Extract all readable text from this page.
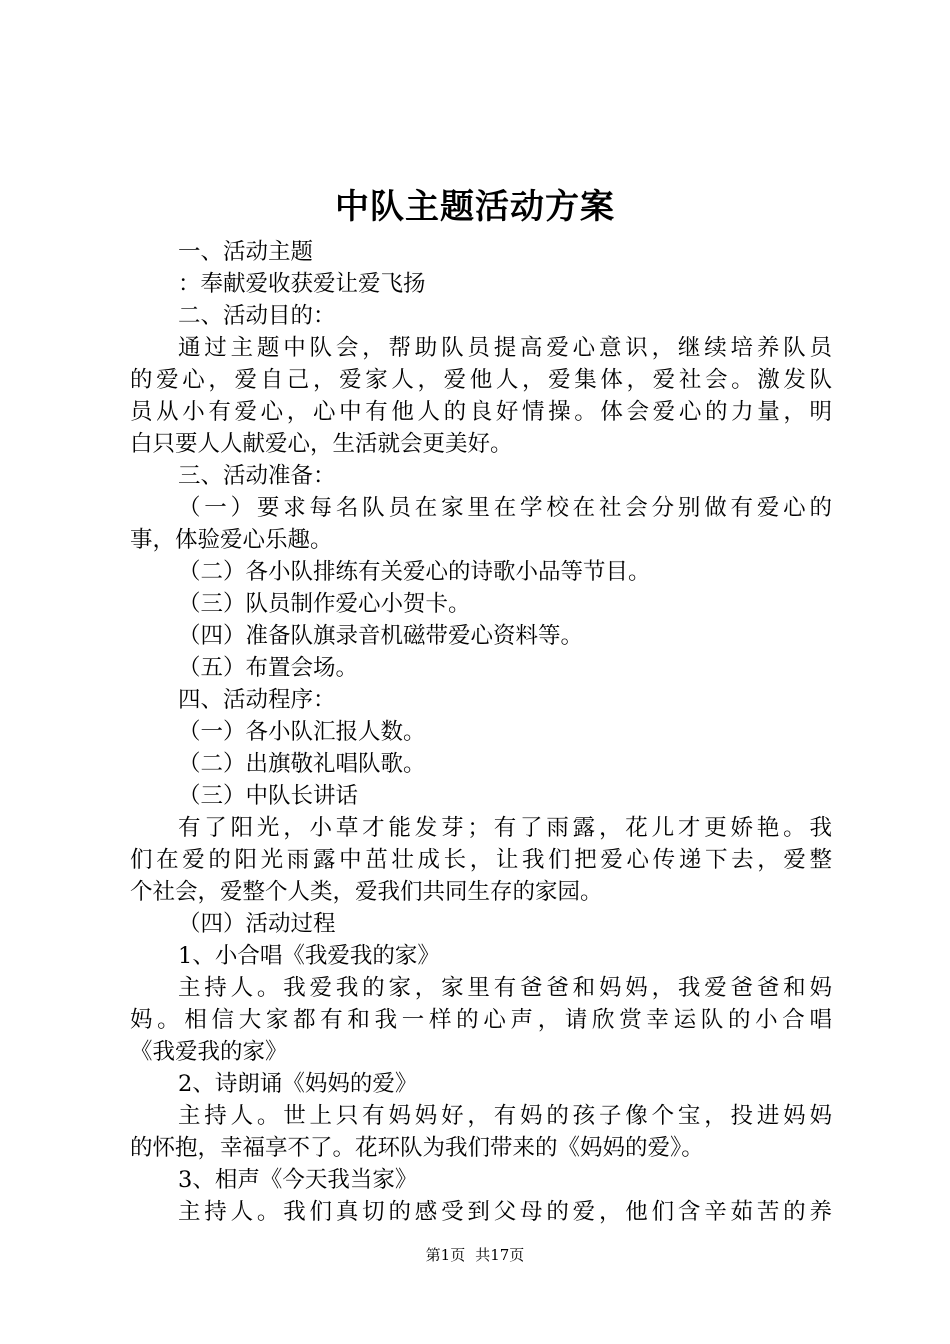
中队主题活动方案
一、活动主题
：奉献爱收获爱让爱飞扬
二、活动目的：
通过主题中队会，帮助队员提高爱心意识，继续培养队员
的爱心，爱自己，爱家人，爱他人，爱集体，爱社会。激发队
员从小有爱心，心中有他人的良好情操。体会爱心的力量，明
白只要人人献爱心，生活就会更美好。
三、活动准备：
（一）要求每名队员在家里在学校在社会分别做有爱心的
事，体验爱心乐趣。
（二）各小队排练有关爱心的诗歌小品等节目。
（三）队员制作爱心小贺卡。
（四）准备队旗录音机磁带爱心资料等。
（五）布置会场。
四、活动程序：
（一）各小队汇报人数。
（二）出旗敬礼唱队歌。
（三）中队长讲话
有了阳光，小草才能发芽；有了雨露，花儿才更娇艳。我
们在爱的阳光雨露中茁壮成长，让我们把爱心传递下去，爱整
个社会，爱整个人类，爱我们共同生存的家园。
（四）活动过程
1、小合唱《我爱我的家》
主持人。我爱我的家，家里有爸爸和妈妈，我爱爸爸和妈
妈。相信大家都有和我一样的心声，请欣赏幸运队的小合唱
《我爱我的家》
2、诗朗诵《妈妈的爱》
主持人。世上只有妈妈好，有妈的孩子像个宝，投进妈妈
的怀抱，幸福享不了。花环队为我们带来的《妈妈的爱》。
3、相声《今天我当家》
主持人。我们真切的感受到父母的爱，他们含辛茹苦的养
第1页 共17页
